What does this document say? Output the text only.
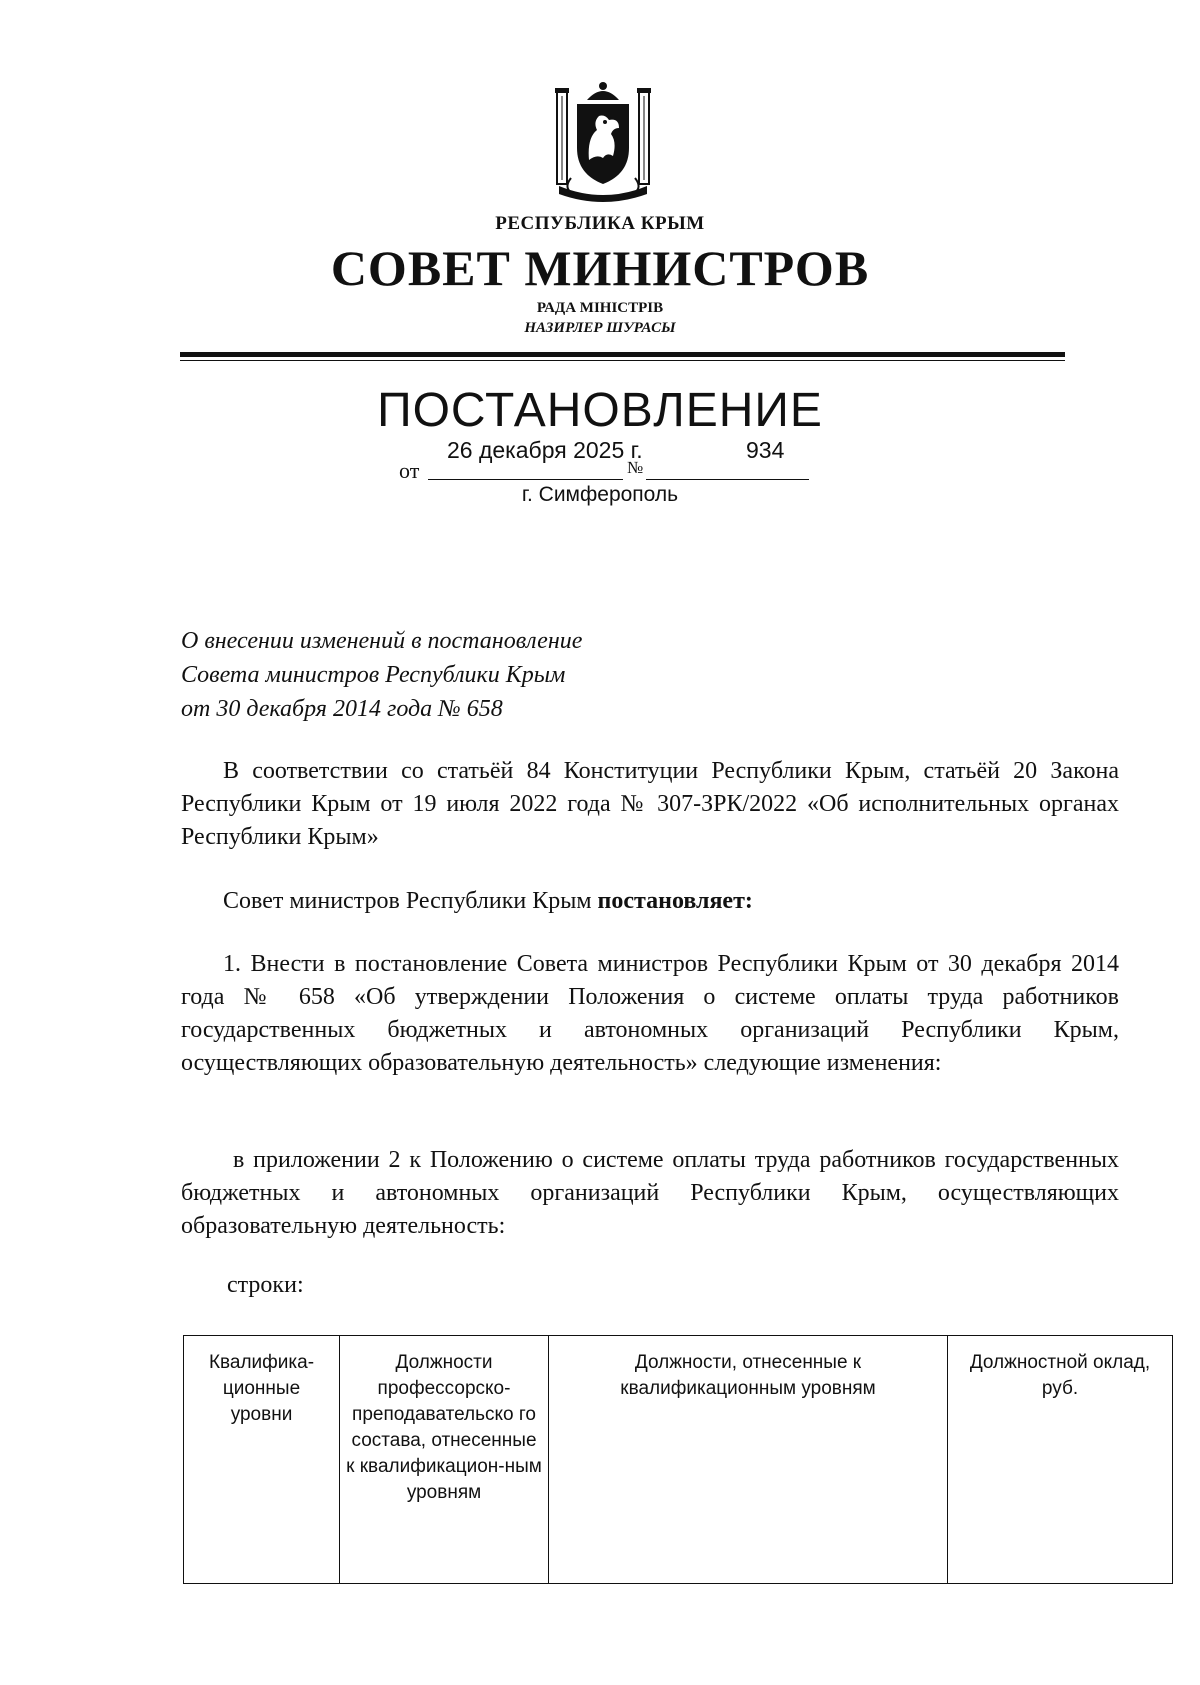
РЕСПУБЛИКА КРЫМ
СОВЕТ МИНИСТРОВ
РАДА МІНІСТРІВ
НАЗИРЛЕР ШУРАСЫ
ПОСТАНОВЛЕНИЕ
от
26 декабря 2025 г.
№
934
г. Симферополь
О внесении изменений в постановление
Совета министров Республики Крым
от 30 декабря 2014 года № 658
В соответствии со статьёй 84 Конституции Республики Крым, статьёй 20 Закона Республики Крым от 19 июля 2022 года № 307-ЗРК/2022 «Об исполнительных органах Республики Крым»
Совет министров Республики Крым постановляет:
1. Внести в постановление Совета министров Республики Крым от 30 декабря 2014 года № 658 «Об утверждении Положения о системе оплаты труда работников государственных бюджетных и автономных организаций Республики Крым, осуществляющих образовательную деятельность» следующие изменения:
в приложении 2 к Положению о системе оплаты труда работников государственных бюджетных и автономных организаций Республики Крым, осуществляющих образовательную деятельность:
строки:
Квалифика-ционные уровни	Должности профессорско-преподавательско го состава, отнесенные к квалификацион-ным уровням	Должности, отнесенные к квалификационным уровням	Должностной оклад, руб.
